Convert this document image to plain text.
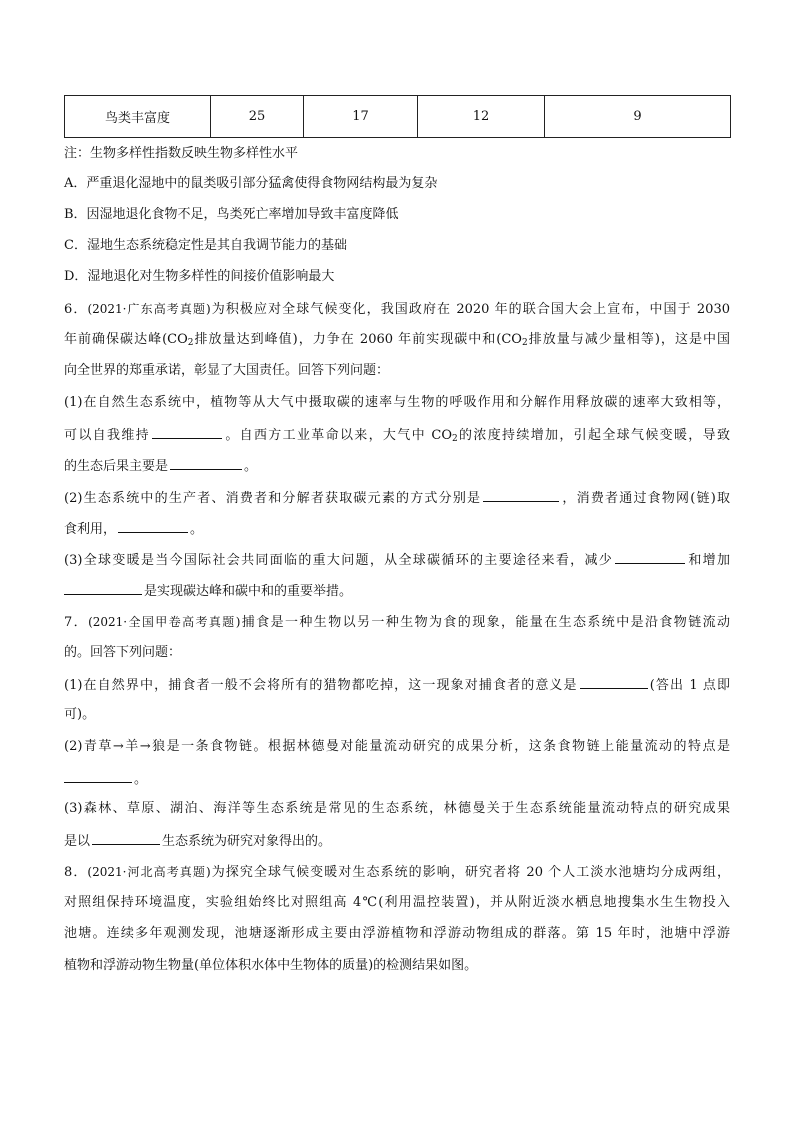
鸟类丰富度	25	17	12	9
注：生物多样性指数反映生物多样性水平
A．严重退化湿地中的鼠类吸引部分猛禽使得食物网结构最为复杂
B．因湿地退化食物不足，鸟类死亡率增加导致丰富度降低
C．湿地生态系统稳定性是其自我调节能力的基础
D．湿地退化对生物多样性的间接价值影响最大
6．(2021·广东高考真题)为积极应对全球气候变化，我国政府在 2020 年的联合国大会上宣布，中国于 2030
年前确保碳达峰($CO_2$排放量达到峰值)，力争在 2060 年前实现碳中和($CO_2$排放量与减少量相等)，这是中国
向全世界的郑重承诺，彰显了大国责任。回答下列问题：
(1)在自然生态系统中，植物等从大气中摄取碳的速率与生物的呼吸作用和分解作用释放碳的速率大致相等，
可以自我维持	。自西方工业革命以来，大气中 $CO_2$的浓度持续增加，引起全球气候变暖，导致
的生态后果主要是	。
(2)生态系统中的生产者、消费者和分解者获取碳元素的方式分别是	，消费者通过食物网(链)取
食利用，	。
(3)全球变暖是当今国际社会共同面临的重大问题，从全球碳循环的主要途径来看，减少	和增加
是实现碳达峰和碳中和的重要举措。
7．(2021·全国甲卷高考真题)捕食是一种生物以另一种生物为食的现象，能量在生态系统中是沿食物链流动
的。回答下列问题：
(1)在自然界中，捕食者一般不会将所有的猎物都吃掉，这一现象对捕食者的意义是	(答出 1 点即
可)。
(2)青草→羊→狼是一条食物链。根据林德曼对能量流动研究的成果分析，这条食物链上能量流动的特点是
。
(3)森林、草原、湖泊、海洋等生态系统是常见的生态系统，林德曼关于生态系统能量流动特点的研究成果
是以	生态系统为研究对象得出的。
8．(2021·河北高考真题)为探究全球气候变暖对生态系统的影响，研究者将 20 个人工淡水池塘均分成两组，
对照组保持环境温度，实验组始终比对照组高 4℃(利用温控装置)，并从附近淡水栖息地搜集水生生物投入
池塘。连续多年观测发现，池塘逐渐形成主要由浮游植物和浮游动物组成的群落。第 15 年时，池塘中浮游
植物和浮游动物生物量(单位体积水体中生物体的质量)的检测结果如图。
